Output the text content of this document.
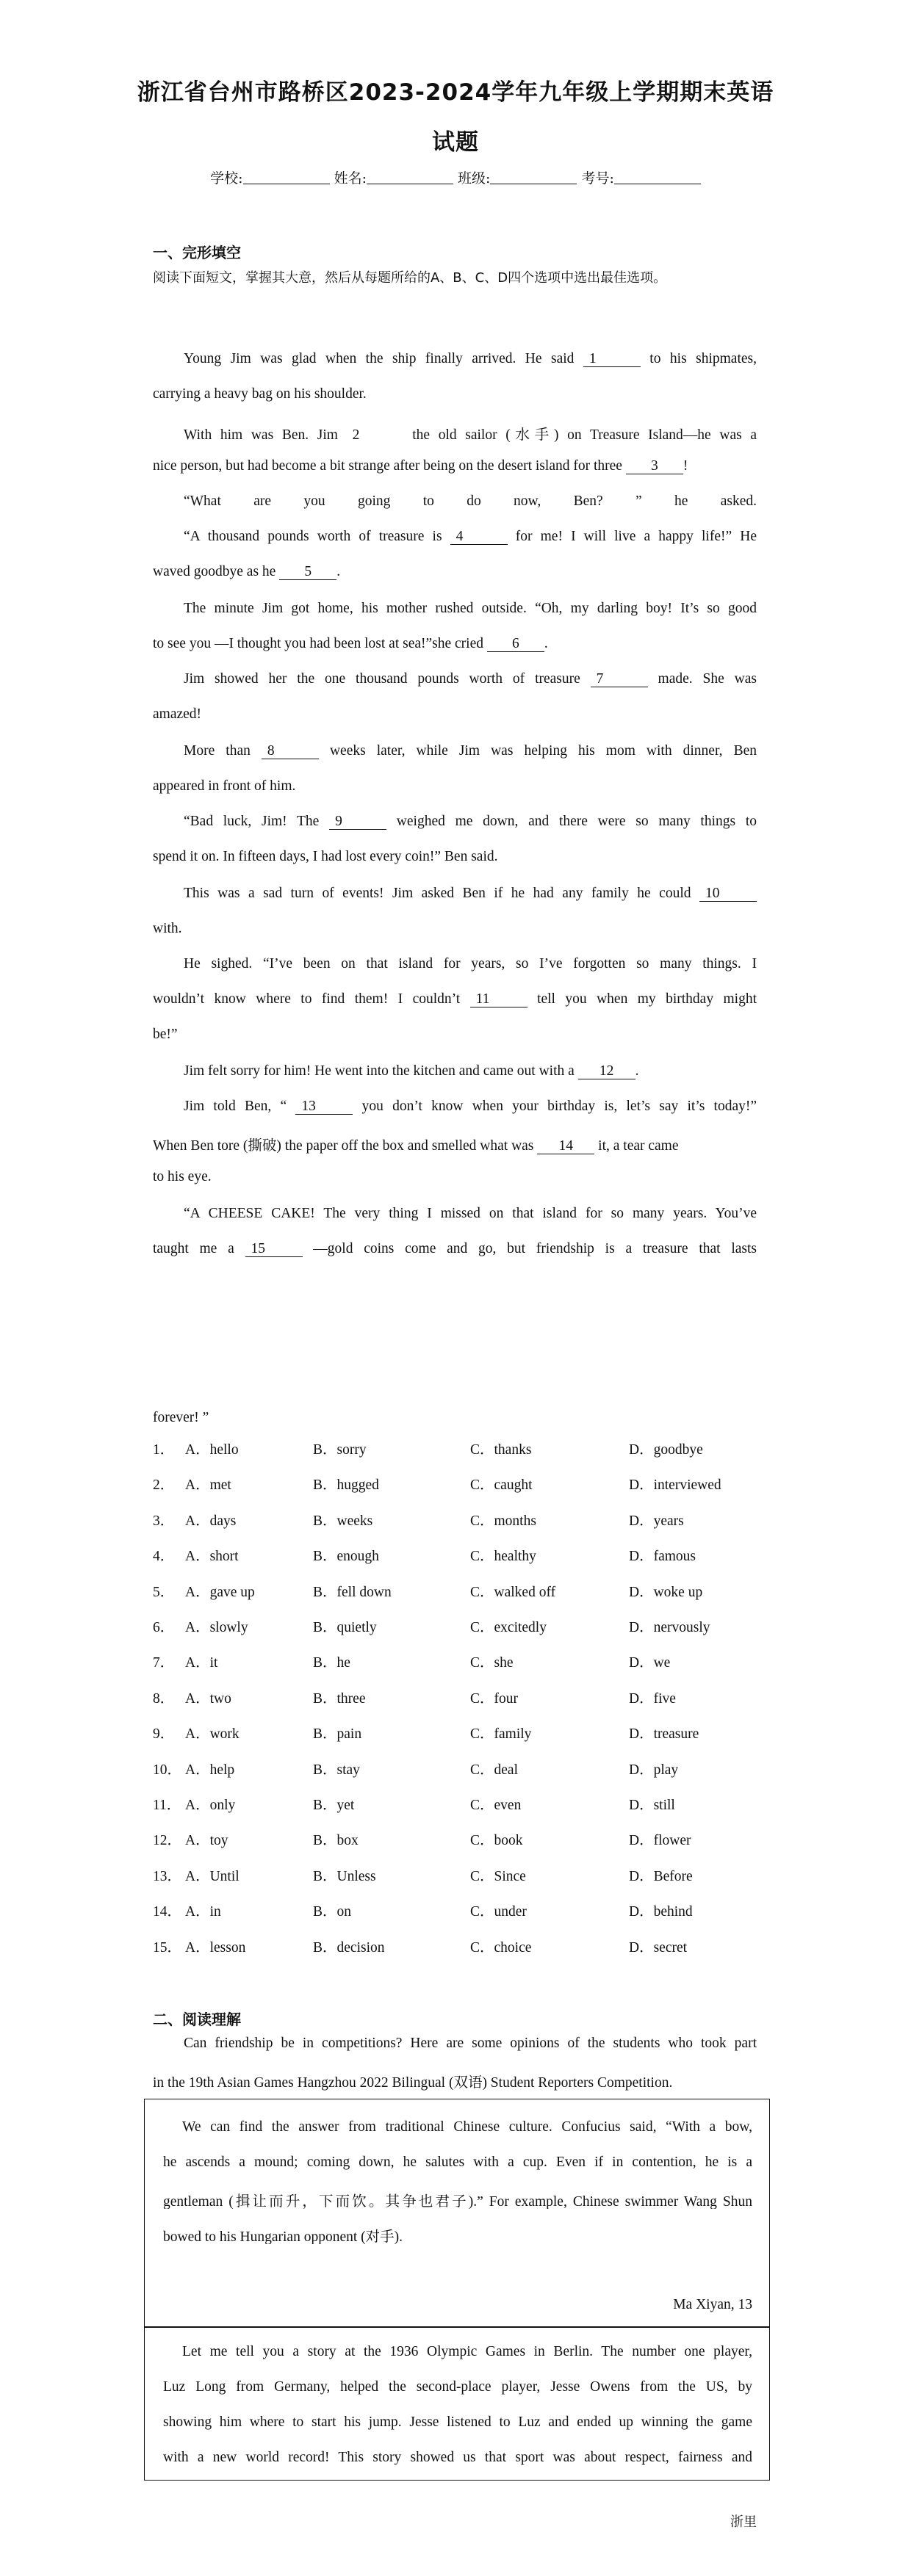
浙江省台州市路桥区2023-2024学年九年级上学期期末英语
试题
学校:	姓名:	班级:	考号:
一、完形填空
阅读下面短文，掌握其大意，然后从每题所给的A、B、C、D四个选项中选出最佳选项。
Young Jim was glad when the ship finally arrived. He said 1	to his shipmates,
carrying a heavy bag on his shoulder.
With him was Ben. Jim 2	the old sailor (水手) on Treasure Island—he was a
nice person, but had become a bit strange after being on the desert island for three 3 !
“What are you going to do now, Ben? ” he asked.
“A thousand pounds worth of treasure is 4	for me! I will live a happy life!” He
waved goodbye as he 5 .
The minute Jim got home, his mother rushed outside. “Oh, my darling boy! It’s so good
to see you —I thought you had been lost at sea!”she cried 6 .
Jim showed her the one thousand pounds worth of treasure 7	made. She was
amazed!
More than 8	weeks later, while Jim was helping his mom with dinner, Ben
appeared in front of him.
“Bad luck, Jim! The 9	weighed me down, and there were so many things to
spend it on. In fifteen days, I had lost every coin!” Ben said.
This was a sad turn of events! Jim asked Ben if he had any family he could 10
with.
He sighed. “I’ve been on that island for years, so I’ve forgotten so many things. I
wouldn’t know where to find them! I couldn’t 11	tell you when my birthday might
be!”
Jim felt sorry for him! He went into the kitchen and came out with a 12 .
Jim told Ben, “ 13	you don’t know when your birthday is, let’s say it’s today!”
When Ben tore (撕破) the paper off the box and smelled what was 14 it, a tear came
to his eye.
“A CHEESE CAKE! The very thing I missed on that island for so many years. You’ve
taught me a 15	—gold coins come and go, but friendship is a treasure that lasts
forever! ”
1． A．hello	B．sorry	C．thanks	D．goodbye
2． A．met	B．hugged	C．caught	D．interviewed
3． A．days	B．weeks	C．months	D．years
4． A．short	B．enough	C．healthy	D．famous
5． A．gave up	B．fell down	C．walked off	D．woke up
6． A．slowly	B．quietly	C．excitedly	D．nervously
7． A．it	B．he	C．she	D．we
8． A．two	B．three	C．four	D．five
9． A．work	B．pain	C．family	D．treasure
10． A．help	B．stay	C．deal	D．play
11． A．only	B．yet	C．even	D．still
12． A．toy	B．box	C．book	D．flower
13． A．Until	B．Unless	C．Since	D．Before
14． A．in	B．on	C．under	D．behind
15． A．lesson	B．decision	C．choice	D．secret
二、阅读理解
Can friendship be in competitions? Here are some opinions of the students who took part
in the 19th Asian Games Hangzhou 2022 Bilingual (双语) Student Reporters Competition.
We can find the answer from traditional Chinese culture. Confucius said, “With a bow,
he ascends a mound; coming down, he salutes with a cup. Even if in contention, he is a
gentleman (揖让而升，下而饮。其争也君子).” For example, Chinese swimmer Wang Shun
bowed to his Hungarian opponent (对手).
Ma Xiyan, 13
Let me tell you a story at the 1936 Olympic Games in Berlin. The number one player,
Luz Long from Germany, helped the second-place player, Jesse Owens from the US, by
showing him where to start his jump. Jesse listened to Luz and ended up winning the game
with a new world record! This story showed us that sport was about respect, fairness and
浙里
